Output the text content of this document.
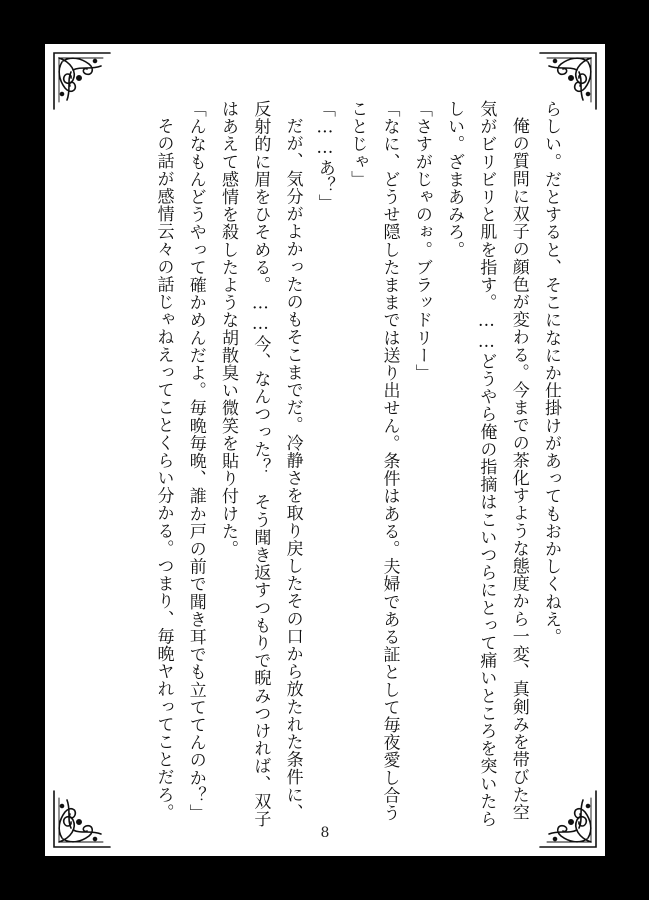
らしい。だとすると、そこになにか仕掛けがあってもおかしくねえ。

俺の質問に双子の顔色が変わる。今までの茶化すような態度から一変、真剣みを帯びた空

気がビリビリと肌を指す。……どうやら俺の指摘はこいつらにとって痛いところを突いたら

しい。ざまあみろ。

「さすがじゃのぉ。ブラッドリー」

「なに、どうせ隠したままでは送り出せん。条件はある。夫婦である証として毎夜愛し合う

ことじゃ」

「……あ？」

だが、気分がよかったのもそこまでだ。冷静さを取り戻したその口から放たれた条件に、

反射的に眉をひそめる。……今、なんつった？　そう聞き返すつもりで睨みつければ、双子

はあえて感情を殺したような胡散臭い微笑を貼り付けた。

「んなもんどうやって確かめんだよ。毎晩毎晩、誰か戸の前で聞き耳でも立ててんのか？」

その話が感情云々の話じゃねえってことくらい分かる。つまり、毎晩ヤれってことだろ。

8
